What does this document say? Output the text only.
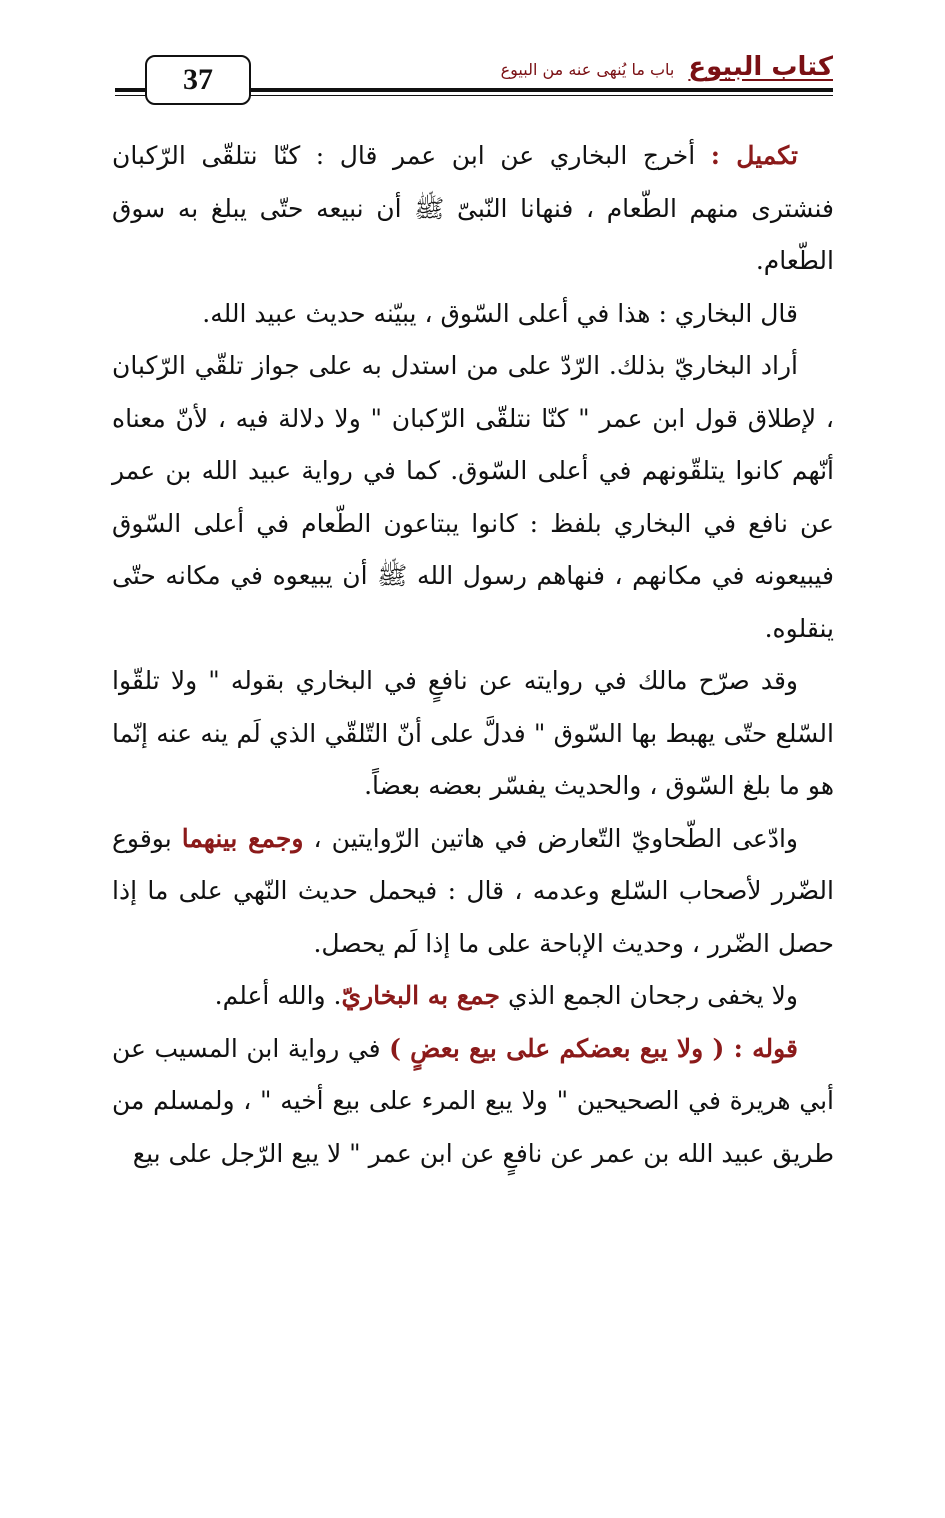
37	كتاب البيوع
باب ما يُنهى عنه من البيوع

تكميل : أخرج البخاري عن ابن عمر قال : كنّا نتلقّى الرّكبان فنشترى منهم الطّعام ، فنهانا النّبىّ ﷺ أن نبيعه حتّى يبلغ به سوق الطّعام.

قال البخاري : هذا في أعلى السّوق ، يبيّنه حديث عبيد الله.

أراد البخاريّ بذلك. الرّدّ على من استدل به على جواز تلقّي الرّكبان ، لإطلاق قول ابن عمر " كنّا نتلقّى الرّكبان " ولا دلالة فيه ، لأنّ معناه أنّهم كانوا يتلقّونهم في أعلى السّوق. كما في رواية عبيد الله بن عمر عن نافع في البخاري بلفظ : كانوا يبتاعون الطّعام في أعلى السّوق فيبيعونه في مكانهم ، فنهاهم رسول الله ﷺ أن يبيعوه في مكانه حتّى ينقلوه.

وقد صرّح مالك في روايته عن نافعٍ في البخاري بقوله " ولا تلقّوا السّلع حتّى يهبط بها السّوق " فدلَّ على أنّ التّلقّي الذي لَم ينه عنه إنّما هو ما بلغ السّوق ، والحديث يفسّر بعضه بعضاً.

وادّعى الطّحاويّ التّعارض في هاتين الرّوايتين ، وجمع بينهما بوقوع الضّرر لأصحاب السّلع وعدمه ، قال : فيحمل حديث النّهي على ما إذا حصل الضّرر ، وحديث الإباحة على ما إذا لَم يحصل.

ولا يخفى رجحان الجمع الذي جمع به البخاريّ. والله أعلم.

قوله : ( ولا يبع بعضكم على بيع بعضٍ ) في رواية ابن المسيب عن أبي هريرة في الصحيحين " ولا يبع المرء على بيع أخيه " ، ولمسلم من طريق عبيد الله بن عمر عن نافعٍ عن ابن عمر " لا يبع الرّجل على بيع
